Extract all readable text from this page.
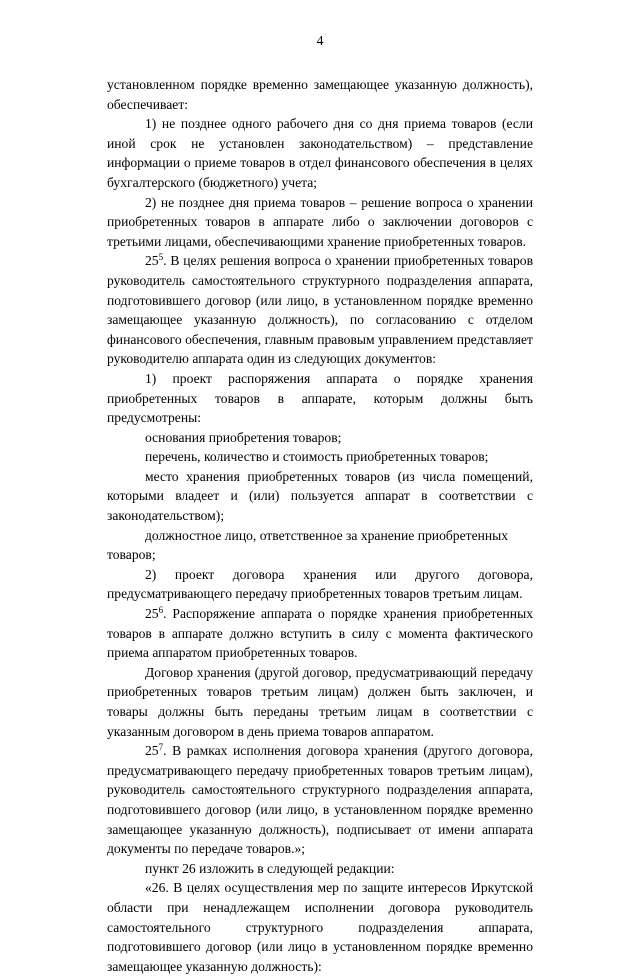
4

установленном порядке временно замещающее указанную должность), обеспечивает:

1) не позднее одного рабочего дня со дня приема товаров (если иной срок не установлен законодательством) – представление информации о приеме товаров в отдел финансового обеспечения в целях бухгалтерского (бюджетного) учета;

2) не позднее дня приема товаров – решение вопроса о хранении приобретенных товаров в аппарате либо о заключении договоров с третьими лицами, обеспечивающими хранение приобретенных товаров.

$25^5$. В целях решения вопроса о хранении приобретенных товаров руководитель самостоятельного структурного подразделения аппарата, подготовившего договор (или лицо, в установленном порядке временно замещающее указанную должность), по согласованию с отделом финансового обеспечения, главным правовым управлением представляет руководителю аппарата один из следующих документов:

1) проект распоряжения аппарата о порядке хранения приобретенных товаров в аппарате, которым должны быть предусмотрены:

основания приобретения товаров;

перечень, количество и стоимость приобретенных товаров;

место хранения приобретенных товаров (из числа помещений, которыми владеет и (или) пользуется аппарат в соответствии с законодательством);

должностное лицо, ответственное за хранение приобретенных товаров;

2) проект договора хранения или другого договора, предусматривающего передачу приобретенных товаров третьим лицам.

$25^6$. Распоряжение аппарата о порядке хранения приобретенных товаров в аппарате должно вступить в силу с момента фактического приема аппаратом приобретенных товаров.

Договор хранения (другой договор, предусматривающий передачу приобретенных товаров третьим лицам) должен быть заключен, и товары должны быть переданы третьим лицам в соответствии с указанным договором в день приема товаров аппаратом.

$25^7$. В рамках исполнения договора хранения (другого договора, предусматривающего передачу приобретенных товаров третьим лицам), руководитель самостоятельного структурного подразделения аппарата, подготовившего договор (или лицо, в установленном порядке временно замещающее указанную должность), подписывает от имени аппарата документы по передаче товаров.»;

пункт 26 изложить в следующей редакции:

«26. В целях осуществления мер по защите интересов Иркутской области при ненадлежащем исполнении договора руководитель самостоятельного структурного подразделения аппарата, подготовившего договор (или лицо в установленном порядке временно замещающее указанную должность):
